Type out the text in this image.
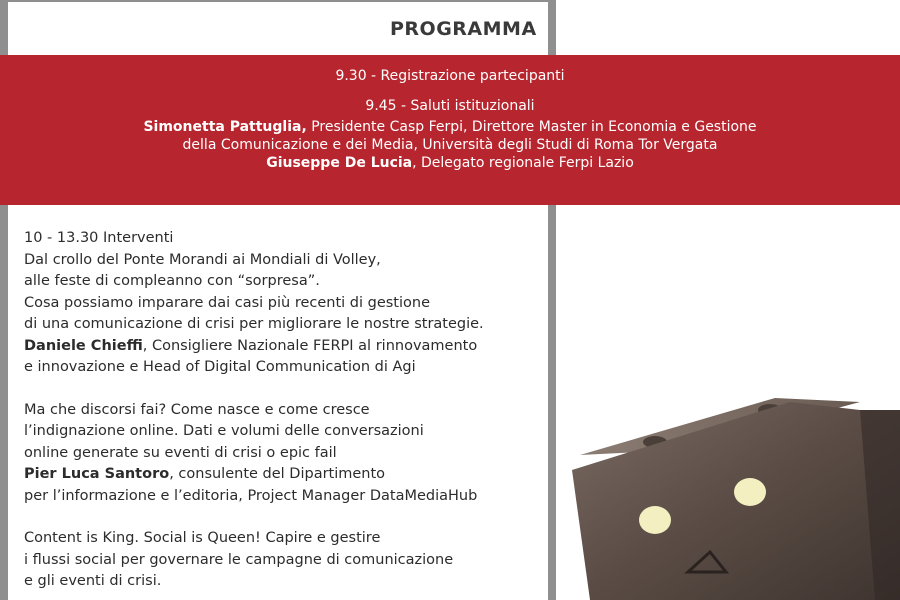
PROGRAMMA
9.30 - Registrazione partecipanti
9.45 - Saluti istituzionali
Simonetta Pattuglia, Presidente Casp Ferpi, Direttore Master in Economia e Gestione
della Comunicazione e dei Media, Università degli Studi di Roma Tor Vergata
Giuseppe De Lucia, Delegato regionale Ferpi Lazio
10 - 13.30 Interventi
Dal crollo del Ponte Morandi ai Mondiali di Volley,
alle feste di compleanno con “sorpresa”.
Cosa possiamo imparare dai casi più recenti di gestione
di una comunicazione di crisi per migliorare le nostre strategie.
Daniele Chieffi, Consigliere Nazionale FERPI al rinnovamento
e innovazione e Head of Digital Communication di Agi
Ma che discorsi fai? Come nasce e come cresce
l’indignazione online. Dati e volumi delle conversazioni
online generate su eventi di crisi o epic fail
Pier Luca Santoro, consulente del Dipartimento
per l’informazione e l’editoria, Project Manager DataMediaHub
Content is King. Social is Queen! Capire e gestire
i flussi social per governare le campagne di comunicazione
e gli eventi di crisi.
